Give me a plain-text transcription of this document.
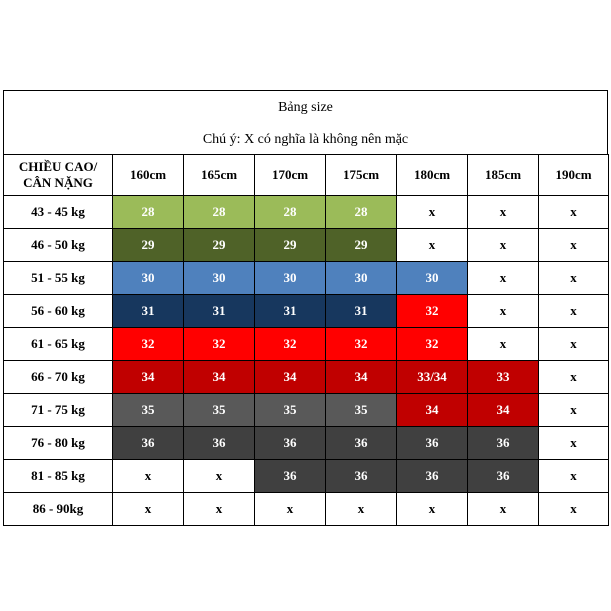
Bảng size
Chú ý: X có nghĩa là không nên mặc
CHIỀU CAO/
CÂN NẶNG	160cm	165cm	170cm	175cm	180cm	185cm	190cm
43 - 45 kg	28	28	28	28	x	x	x
46 - 50 kg	29	29	29	29	x	x	x
51 - 55 kg	30	30	30	30	30	x	x
56 - 60 kg	31	31	31	31	32	x	x
61 - 65 kg	32	32	32	32	32	x	x
66 - 70 kg	34	34	34	34	33/34	33	x
71 - 75 kg	35	35	35	35	34	34	x
76 - 80 kg	36	36	36	36	36	36	x
81 - 85 kg	x	x	36	36	36	36	x
86 - 90kg	x	x	x	x	x	x	x
